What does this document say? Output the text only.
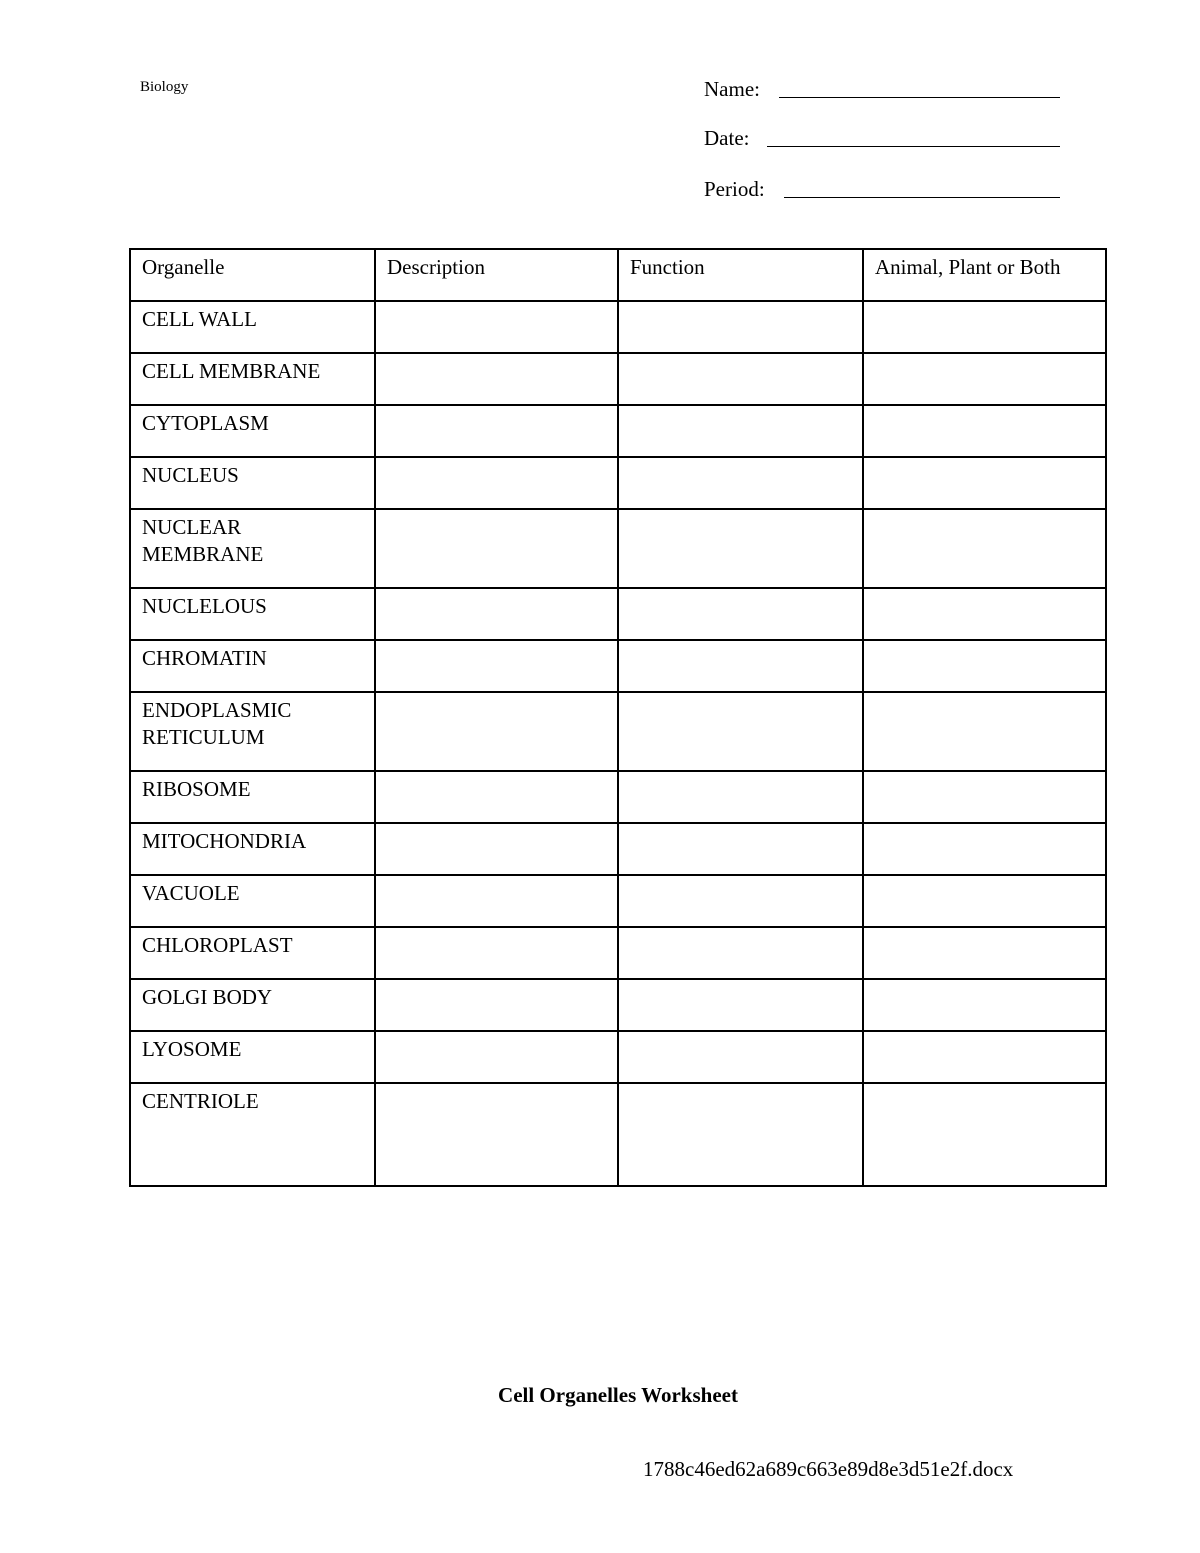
Biology	Name:
Date:
Period:
Organelle	Description	Function	Animal, Plant or Both
CELL WALL			
CELL MEMBRANE			
CYTOPLASM			
NUCLEUS			
NUCLEAR MEMBRANE			
NUCLELOUS			
CHROMATIN			
ENDOPLASMIC RETICULUM			
RIBOSOME			
MITOCHONDRIA			
VACUOLE			
CHLOROPLAST			
GOLGI BODY			
LYOSOME			
CENTRIOLE			
Cell Organelles Worksheet
1788c46ed62a689c663e89d8e3d51e2f.docx
